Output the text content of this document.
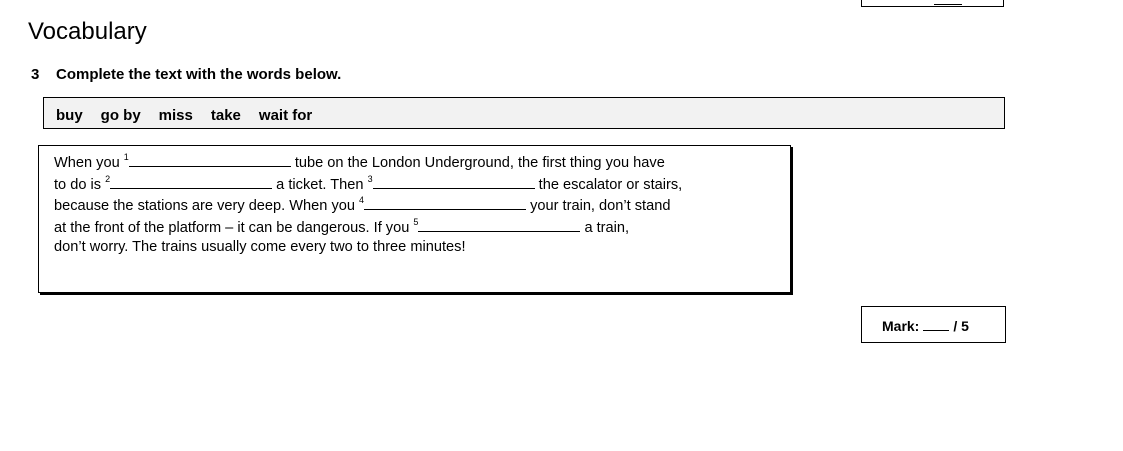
Vocabulary
3 Complete the text with the words below.
buy go by miss take wait for
When you $^1$	tube on the London Underground, the first thing you have
to do is $^2$	a ticket. Then $^3$	the escalator or stairs,
because the stations are very deep. When you $^4$	your train, don’t stand
at the front of the platform – it can be dangerous. If you $^5$	a train,
don’t worry. The trains usually come every two to three minutes!
Mark: / 5
